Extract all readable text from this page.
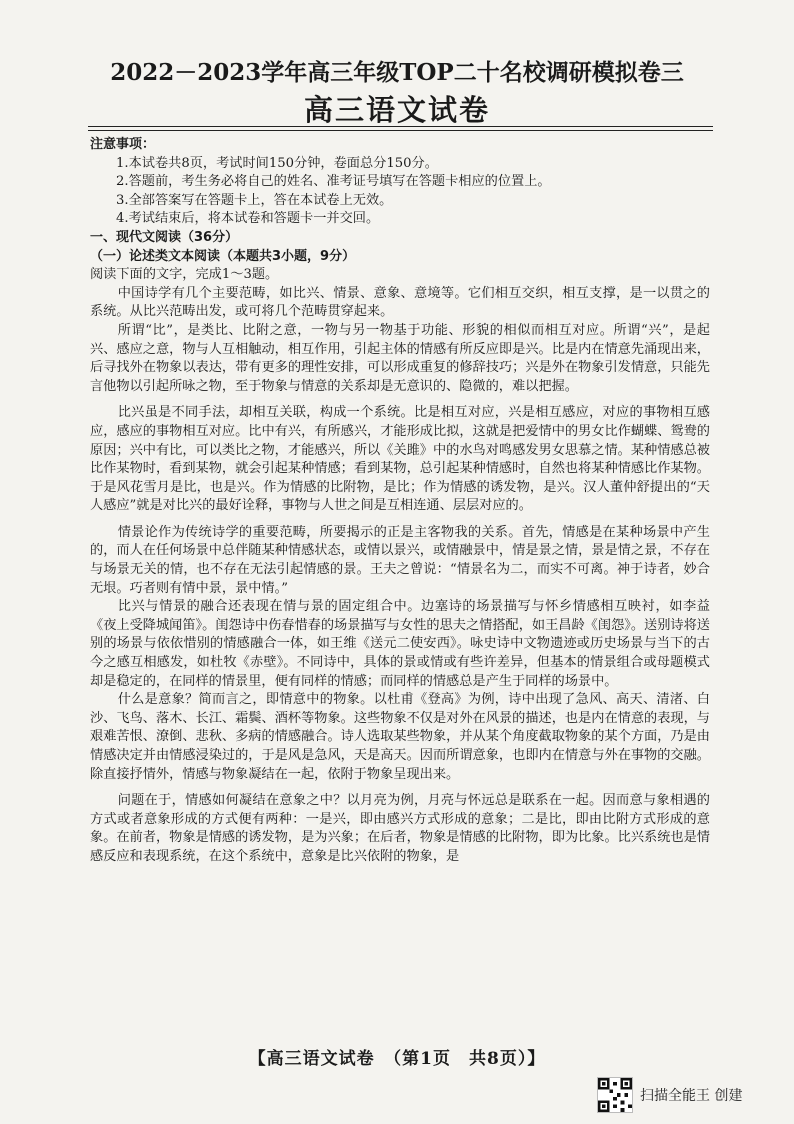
2022－2023学年高三年级TOP二十名校调研模拟卷三
高三语文试卷

注意事项：

1.本试卷共8页，考试时间150分钟，卷面总分150分。

2.答题前，考生务必将自己的姓名、准考证号填写在答题卡相应的位置上。

3.全部答案写在答题卡上，答在本试卷上无效。

4.考试结束后，将本试卷和答题卡一并交回。

一、现代文阅读（36分）

（一）论述类文本阅读（本题共3小题，9分）

阅读下面的文字，完成1～3题。

中国诗学有几个主要范畴，如比兴、情景、意象、意境等。它们相互交织，相互支撑，是一以贯之的系统。从比兴范畴出发，或可将几个范畴贯穿起来。

所谓“比”，是类比、比附之意，一物与另一物基于功能、形貌的相似而相互对应。所谓“兴”，是起兴、感应之意，物与人互相触动，相互作用，引起主体的情感有所反应即是兴。比是内在情意先涌现出来，后寻找外在物象以表达，带有更多的理性安排，可以形成重复的修辞技巧；兴是外在物象引发情意，只能先言他物以引起所咏之物，至于物象与情意的关系却是无意识的、隐微的，难以把握。

比兴虽是不同手法，却相互关联，构成一个系统。比是相互对应，兴是相互感应，对应的事物相互感应，感应的事物相互对应。比中有兴，有所感兴，才能形成比拟，这就是把爱情中的男女比作蝴蝶、鸳鸯的原因；兴中有比，可以类比之物，才能感兴，所以《关雎》中的水鸟对鸣感发男女思慕之情。某种情感总被比作某物时，看到某物，就会引起某种情感；看到某物，总引起某种情感时，自然也将某种情感比作某物。于是风花雪月是比，也是兴。作为情感的比附物，是比；作为情感的诱发物，是兴。汉人董仲舒提出的“天人感应”就是对比兴的最好诠释，事物与人世之间是互相连通、层层对应的。

情景论作为传统诗学的重要范畴，所要揭示的正是主客物我的关系。首先，情感是在某种场景中产生的，而人在任何场景中总伴随某种情感状态，或情以景兴，或情融景中，情是景之情，景是情之景，不存在与场景无关的情，也不存在无法引起情感的景。王夫之曾说：“情景名为二，而实不可离。神于诗者，妙合无垠。巧者则有情中景，景中情。”

比兴与情景的融合还表现在情与景的固定组合中。边塞诗的场景描写与怀乡情感相互映衬，如李益《夜上受降城闻笛》。闺怨诗中伤春惜春的场景描写与女性的思夫之情搭配，如王昌龄《闺怨》。送别诗将送别的场景与依依惜别的情感融合一体，如王维《送元二使安西》。咏史诗中文物遗迹或历史场景与当下的古今之感互相感发，如杜牧《赤壁》。不同诗中，具体的景或情或有些许差异，但基本的情景组合或母题模式却是稳定的，在同样的情景里，便有同样的情感；而同样的情感总是产生于同样的场景中。

什么是意象？简而言之，即情意中的物象。以杜甫《登高》为例，诗中出现了急风、高天、清渚、白沙、飞鸟、落木、长江、霜鬓、酒杯等物象。这些物象不仅是对外在风景的描述，也是内在情意的表现，与艰难苦恨、潦倒、悲秋、多病的情感融合。诗人选取某些物象，并从某个角度截取物象的某个方面，乃是由情感决定并由情感浸染过的，于是风是急风，天是高天。因而所谓意象，也即内在情意与外在事物的交融。除直接抒情外，情感与物象凝结在一起，依附于物象呈现出来。

问题在于，情感如何凝结在意象之中？以月亮为例，月亮与怀远总是联系在一起。因而意与象相遇的方式或者意象形成的方式便有两种：一是兴，即由感兴方式形成的意象；二是比，即由比附方式形成的意象。在前者，物象是情感的诱发物，是为兴象；在后者，物象是情感的比附物，即为比象。比兴系统也是情感反应和表现系统，在这个系统中，意象是比兴依附的物象，是

【高三语文试卷　（第1页　共8页）】
扫描全能王 创建
